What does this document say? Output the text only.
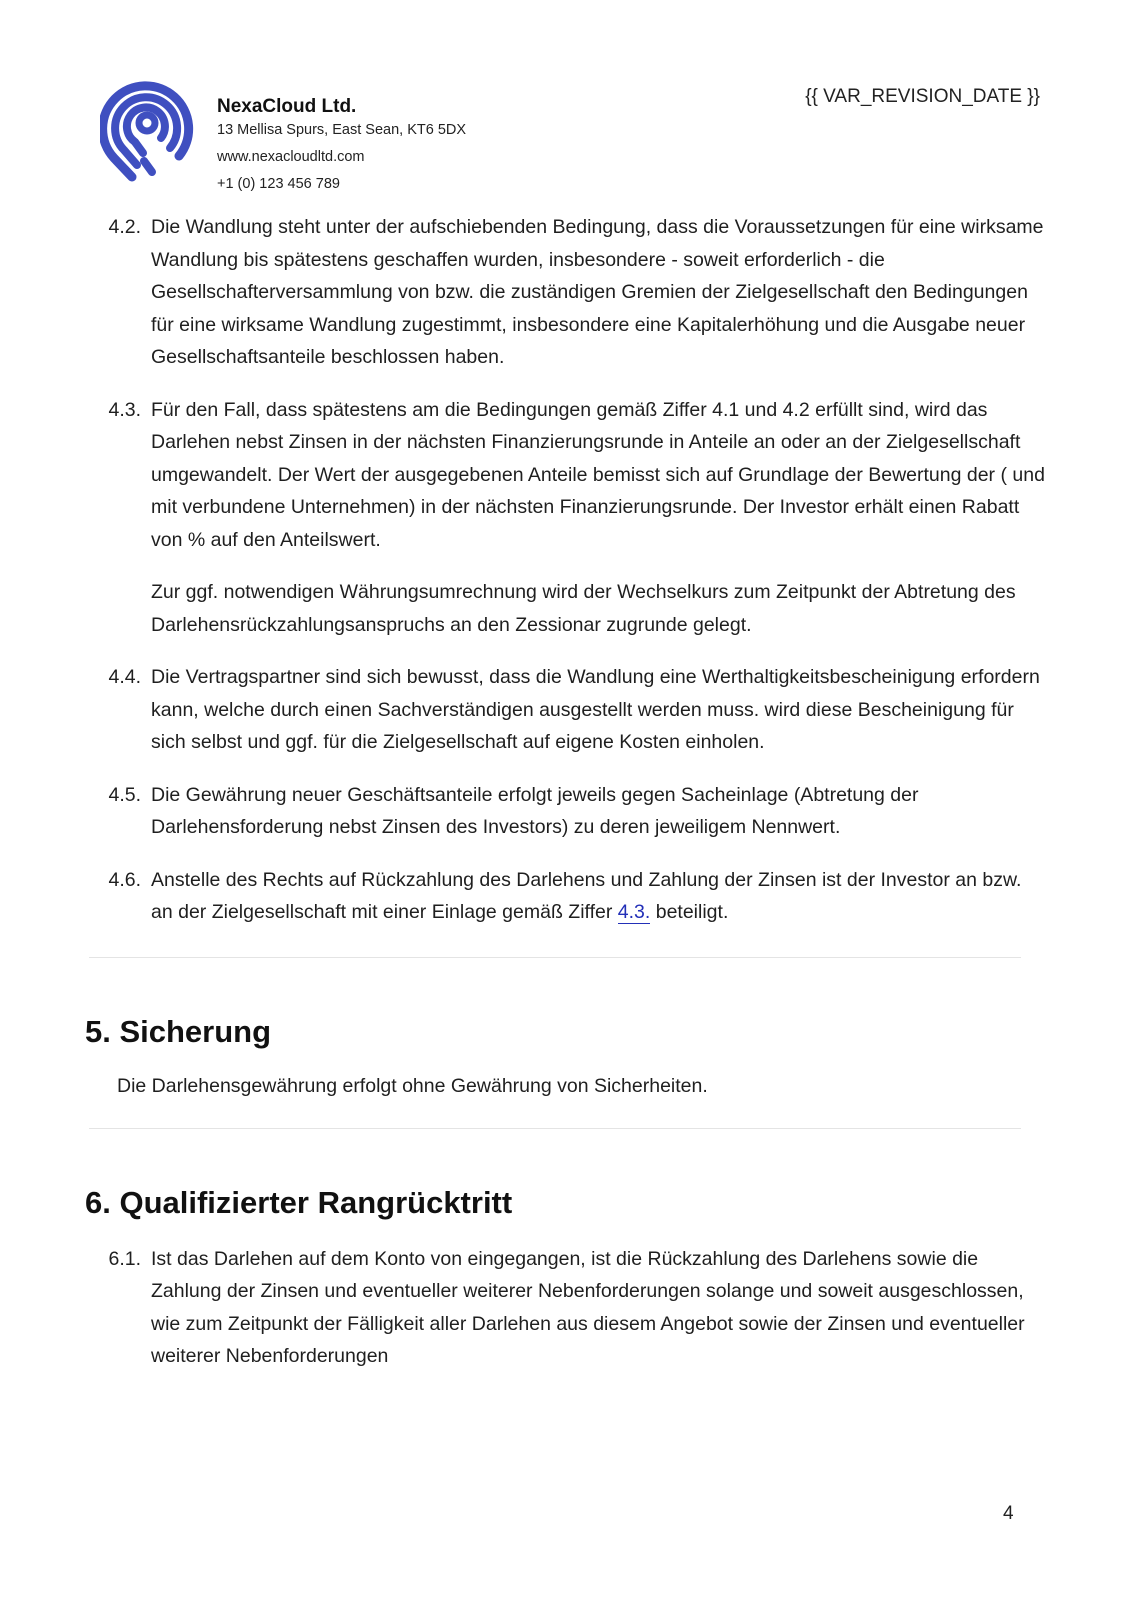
NexaCloud Ltd.

13 Mellisa Spurs, East Sean, KT6 5DX

www.nexacloudltd.com

+1 (0) 123 456 789

{{ VAR_REVISION_DATE }}
4.2. Die Wandlung steht unter der aufschiebenden Bedingung, dass die Voraussetzungen für eine wirksame Wandlung bis spätestens geschaffen wurden, insbesondere - soweit erforderlich - die Gesellschafterversammlung von bzw. die zuständigen Gremien der Zielgesellschaft den Bedingungen für eine wirksame Wandlung zugestimmt, insbesondere eine Kapitalerhöhung und die Ausgabe neuer Gesellschaftsanteile beschlossen haben.

4.3. Für den Fall, dass spätestens am die Bedingungen gemäß Ziffer 4.1 und 4.2 erfüllt sind, wird das Darlehen nebst Zinsen in der nächsten Finanzierungsrunde in Anteile an oder an der Zielgesellschaft umgewandelt. Der Wert der ausgegebenen Anteile bemisst sich auf Grundlage der Bewertung der ( und mit verbundene Unternehmen) in der nächsten Finanzierungsrunde. Der Investor erhält einen Rabatt von % auf den Anteilswert.

Zur ggf. notwendigen Währungsumrechnung wird der Wechselkurs zum Zeitpunkt der Abtretung des Darlehensrückzahlungsanspruchs an den Zessionar zugrunde gelegt.

4.4. Die Vertragspartner sind sich bewusst, dass die Wandlung eine Werthaltigkeitsbescheinigung erfordern kann, welche durch einen Sachverständigen ausgestellt werden muss. wird diese Bescheinigung für sich selbst und ggf. für die Zielgesellschaft auf eigene Kosten einholen.

4.5. Die Gewährung neuer Geschäftsanteile erfolgt jeweils gegen Sacheinlage (Abtretung der Darlehensforderung nebst Zinsen des Investors) zu deren jeweiligem Nennwert.

4.6. Anstelle des Rechts auf Rückzahlung des Darlehens und Zahlung der Zinsen ist der Investor an bzw. an der Zielgesellschaft mit einer Einlage gemäß Ziffer 4.3. beteiligt.

5. Sicherung

Die Darlehensgewährung erfolgt ohne Gewährung von Sicherheiten.

6. Qualifizierter Rangrücktritt
6.1. Ist das Darlehen auf dem Konto von eingegangen, ist die Rückzahlung des Darlehens sowie die Zahlung der Zinsen und eventueller weiterer Nebenforderungen solange und soweit ausgeschlossen, wie zum Zeitpunkt der Fälligkeit aller Darlehen aus diesem Angebot sowie der Zinsen und eventueller weiterer Nebenforderungen

4
